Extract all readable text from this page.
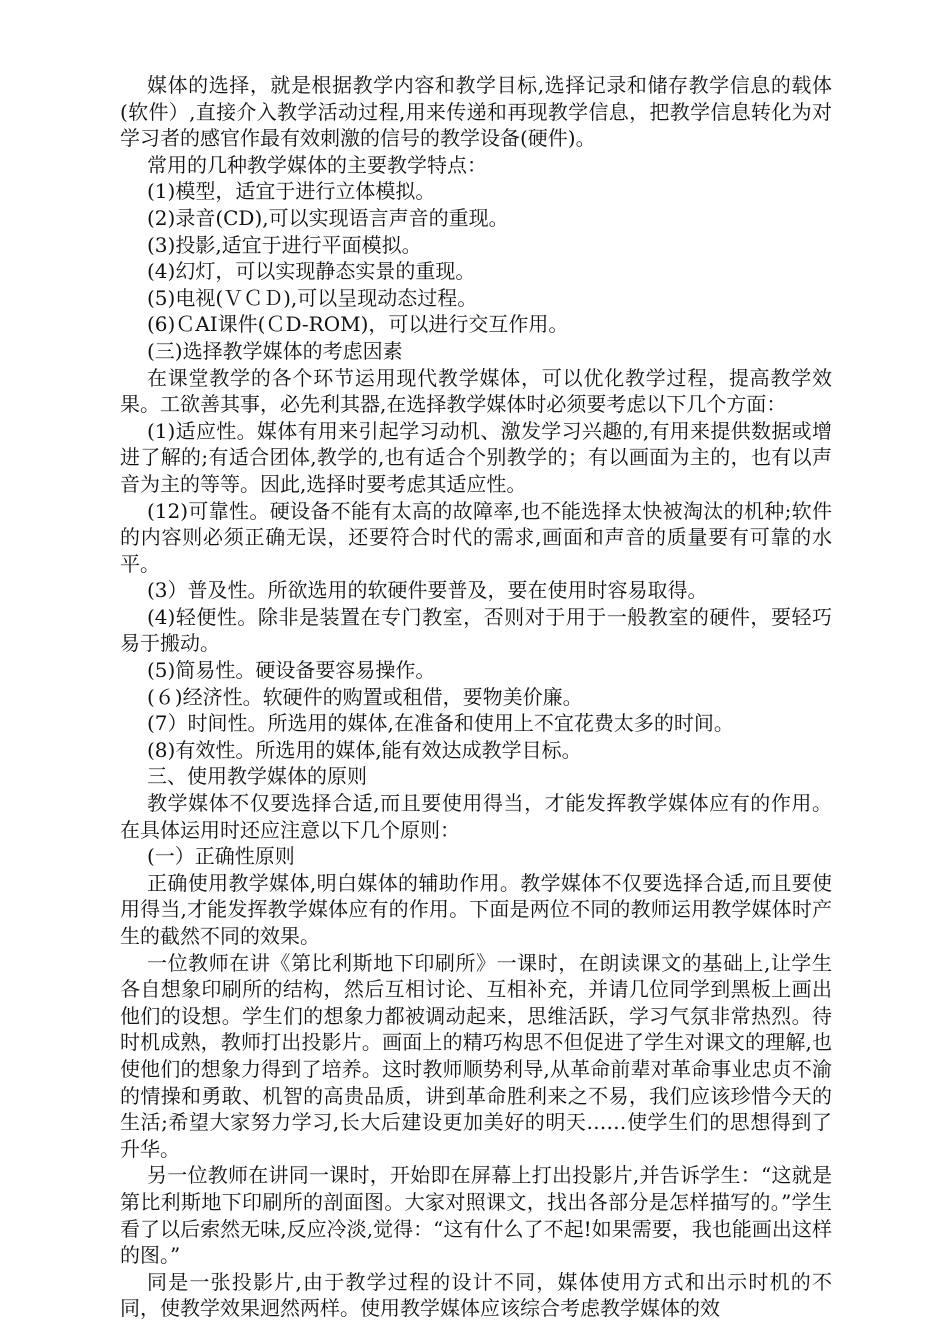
媒体的选择，就是根据教学内容和教学目标,选择记录和储存教学信息的载体(软件）,直接介入教学活动过程,用来传递和再现教学信息，把教学信息转化为对学习者的感官作最有效刺激的信号的教学设备(硬件)。

常用的几种教学媒体的主要教学特点：

(1)模型，适宜于进行立体模拟。

(2)录音(CD),可以实现语言声音的重现。

(3)投影,适宜于进行平面模拟。

(4)幻灯，可以实现静态实景的重现。

(5)电视(ＶＣＤ),可以呈现动态过程。

(6)ＣAI课件(ＣD-ROM)，可以进行交互作用。

(三)选择教学媒体的考虑因素

在课堂教学的各个环节运用现代教学媒体，可以优化教学过程，提高教学效果。工欲善其事，必先利其器,在选择教学媒体时必须要考虑以下几个方面：

(1)适应性。媒体有用来引起学习动机、激发学习兴趣的,有用来提供数据或增进了解的;有适合团体,教学的,也有适合个别教学的；有以画面为主的，也有以声音为主的等等。因此,选择时要考虑其适应性。

(12)可靠性。硬设备不能有太高的故障率,也不能选择太快被淘汰的机种;软件的内容则必须正确无误，还要符合时代的需求,画面和声音的质量要有可靠的水平。

(3）普及性。所欲选用的软硬件要普及，要在使用时容易取得。

(4)轻便性。除非是装置在专门教室，否则对于用于一般教室的硬件，要轻巧易于搬动。

(5)简易性。硬设备要容易操作。

(６)经济性。软硬件的购置或租借，要物美价廉。

(7）时间性。所选用的媒体,在准备和使用上不宜花费太多的时间。

(8)有效性。所选用的媒体,能有效达成教学目标。

三、使用教学媒体的原则

教学媒体不仅要选择合适,而且要使用得当，才能发挥教学媒体应有的作用。在具体运用时还应注意以下几个原则：

(一）正确性原则

正确使用教学媒体,明白媒体的辅助作用。教学媒体不仅要选择合适,而且要使用得当,才能发挥教学媒体应有的作用。下面是两位不同的教师运用教学媒体时产生的截然不同的效果。

一位教师在讲《第比利斯地下印刷所》一课时，在朗读课文的基础上,让学生各自想象印刷所的结构，然后互相讨论、互相补充，并请几位同学到黑板上画出他们的设想。学生们的想象力都被调动起来，思维活跃，学习气氛非常热烈。待时机成熟，教师打出投影片。画面上的精巧构思不但促进了学生对课文的理解,也使他们的想象力得到了培养。这时教师顺势利导,从革命前辈对革命事业忠贞不渝的情操和勇敢、机智的高贵品质，讲到革命胜利来之不易，我们应该珍惜今天的生活;希望大家努力学习,长大后建设更加美好的明天……使学生们的思想得到了升华。

另一位教师在讲同一课时，开始即在屏幕上打出投影片,并告诉学生：“这就是第比利斯地下印刷所的剖面图。大家对照课文，找出各部分是怎样描写的。”学生看了以后索然无味,反应冷淡,觉得：“这有什么了不起!如果需要，我也能画出这样的图。”

同是一张投影片,由于教学过程的设计不同，媒体使用方式和出示时机的不同，使教学效果迥然两样。使用教学媒体应该综合考虑教学媒体的效
